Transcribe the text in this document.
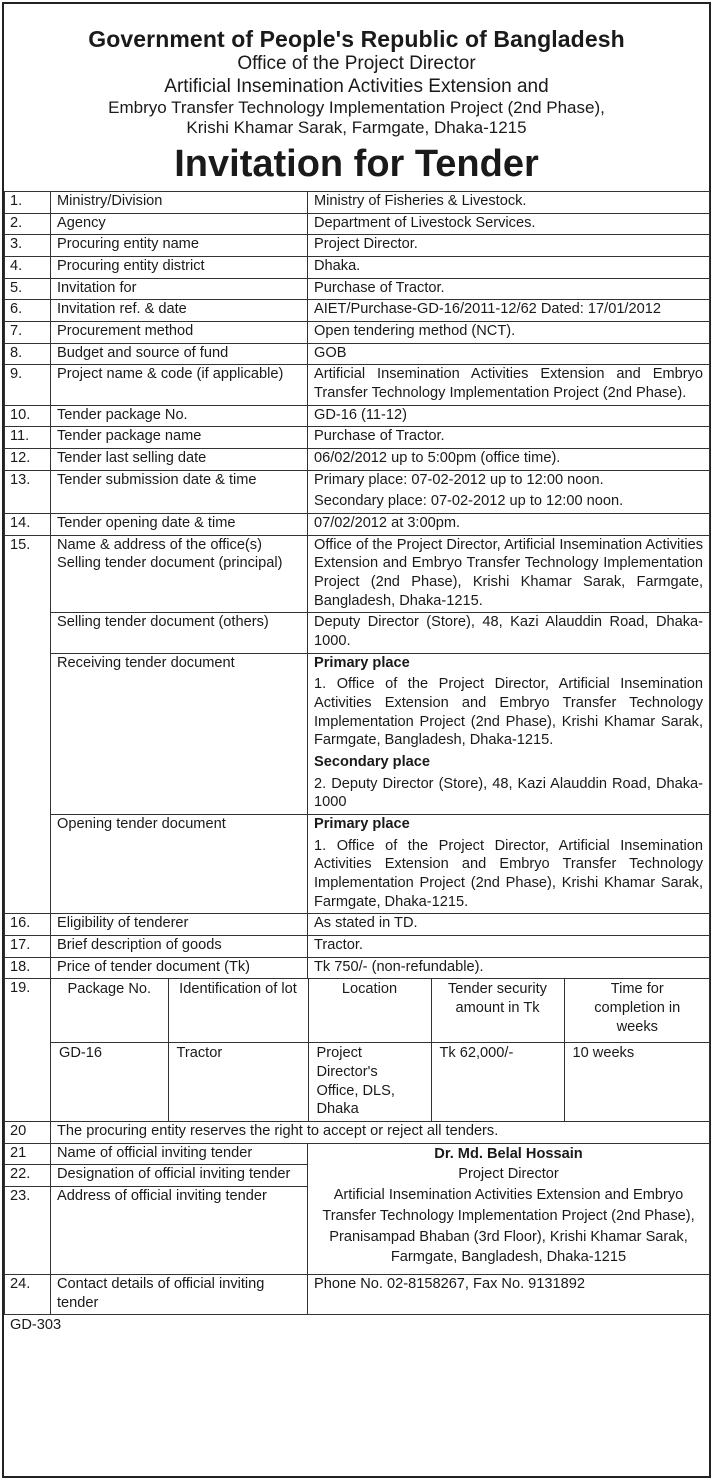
Government of People's Republic of Bangladesh
Office of the Project Director
Artificial Insemination Activities Extension and
Embryo Transfer Technology Implementation Project (2nd Phase),
Krishi Khamar Sarak, Farmgate, Dhaka-1215
Invitation for Tender
1.	Ministry/Division	Ministry of Fisheries & Livestock.
2.	Agency	Department of Livestock Services.
3.	Procuring entity name	Project Director.
4.	Procuring entity district	Dhaka.
5.	Invitation for	Purchase of Tractor.
6.	Invitation ref. & date	AIET/Purchase-GD-16/2011-12/62 Dated: 17/01/2012
7.	Procurement method	Open tendering method (NCT).
8.	Budget and source of fund	GOB
9.	Project name & code (if applicable)	Artificial Insemination Activities Extension and Embryo Transfer Technology Implementation Project (2nd Phase).
10.	Tender package No.	GD-16 (11-12)
11.	Tender package name	Purchase of Tractor.
12.	Tender last selling date	06/02/2012 up to 5:00pm (office time).
13.	Tender submission date & time	Primary place: 07-02-2012 up to 12:00 noon.
Secondary place: 07-02-2012 up to 12:00 noon.

14.	Tender opening date & time	07/02/2012 at 3:00pm.
15.	Name & address of the office(s)
Selling tender document (principal)
	Office of the Project Director, Artificial Insemination Activities Extension and Embryo Transfer Technology Implementation Project (2nd Phase), Krishi Khamar Sarak, Farmgate, Bangladesh, Dhaka-1215.
	Selling tender document (others)	Deputy Director (Store), 48, Kazi Alauddin Road, Dhaka-1000.
	Receiving tender document	Primary place
1. Office of the Project Director, Artificial Insemination Activities Extension and Embryo Transfer Technology Implementation Project (2nd Phase), Krishi Khamar Sarak, Farmgate, Bangladesh, Dhaka-1215.
Secondary place
2. Deputy Director (Store), 48, Kazi Alauddin Road, Dhaka-1000

	Opening tender document	Primary place
1. Office of the Project Director, Artificial Insemination Activities Extension and Embryo Transfer Technology Implementation Project (2nd Phase), Krishi Khamar Sarak, Farmgate, Dhaka-1215.

16.	Eligibility of tenderer	As stated in TD.
17.	Brief description of goods	Tractor.
18.	Price of tender document (Tk)	Tk 750/- (non-refundable).
19.		Package No.	Identification of lot	Location	Tender security amount in Tk	Time for completion in weeks
GD-16	Tractor	Project Director's Office, DLS, Dhaka	Tk 62,000/-	10 weeks

20	The procuring entity reserves the right to accept or reject all tenders.
21	Name of official inviting tender	Dr. Md. Belal Hossain
Project Director
Artificial Insemination Activities Extension and Embryo Transfer Technology Implementation Project (2nd Phase),
Pranisampad Bhaban (3rd Floor), Krishi Khamar Sarak, Farmgate, Bangladesh, Dhaka-1215

22.	Designation of official inviting tender
23.	Address of official inviting tender
24.	Contact details of official inviting tender	Phone No. 02-8158267, Fax No. 9131892
GD-303
